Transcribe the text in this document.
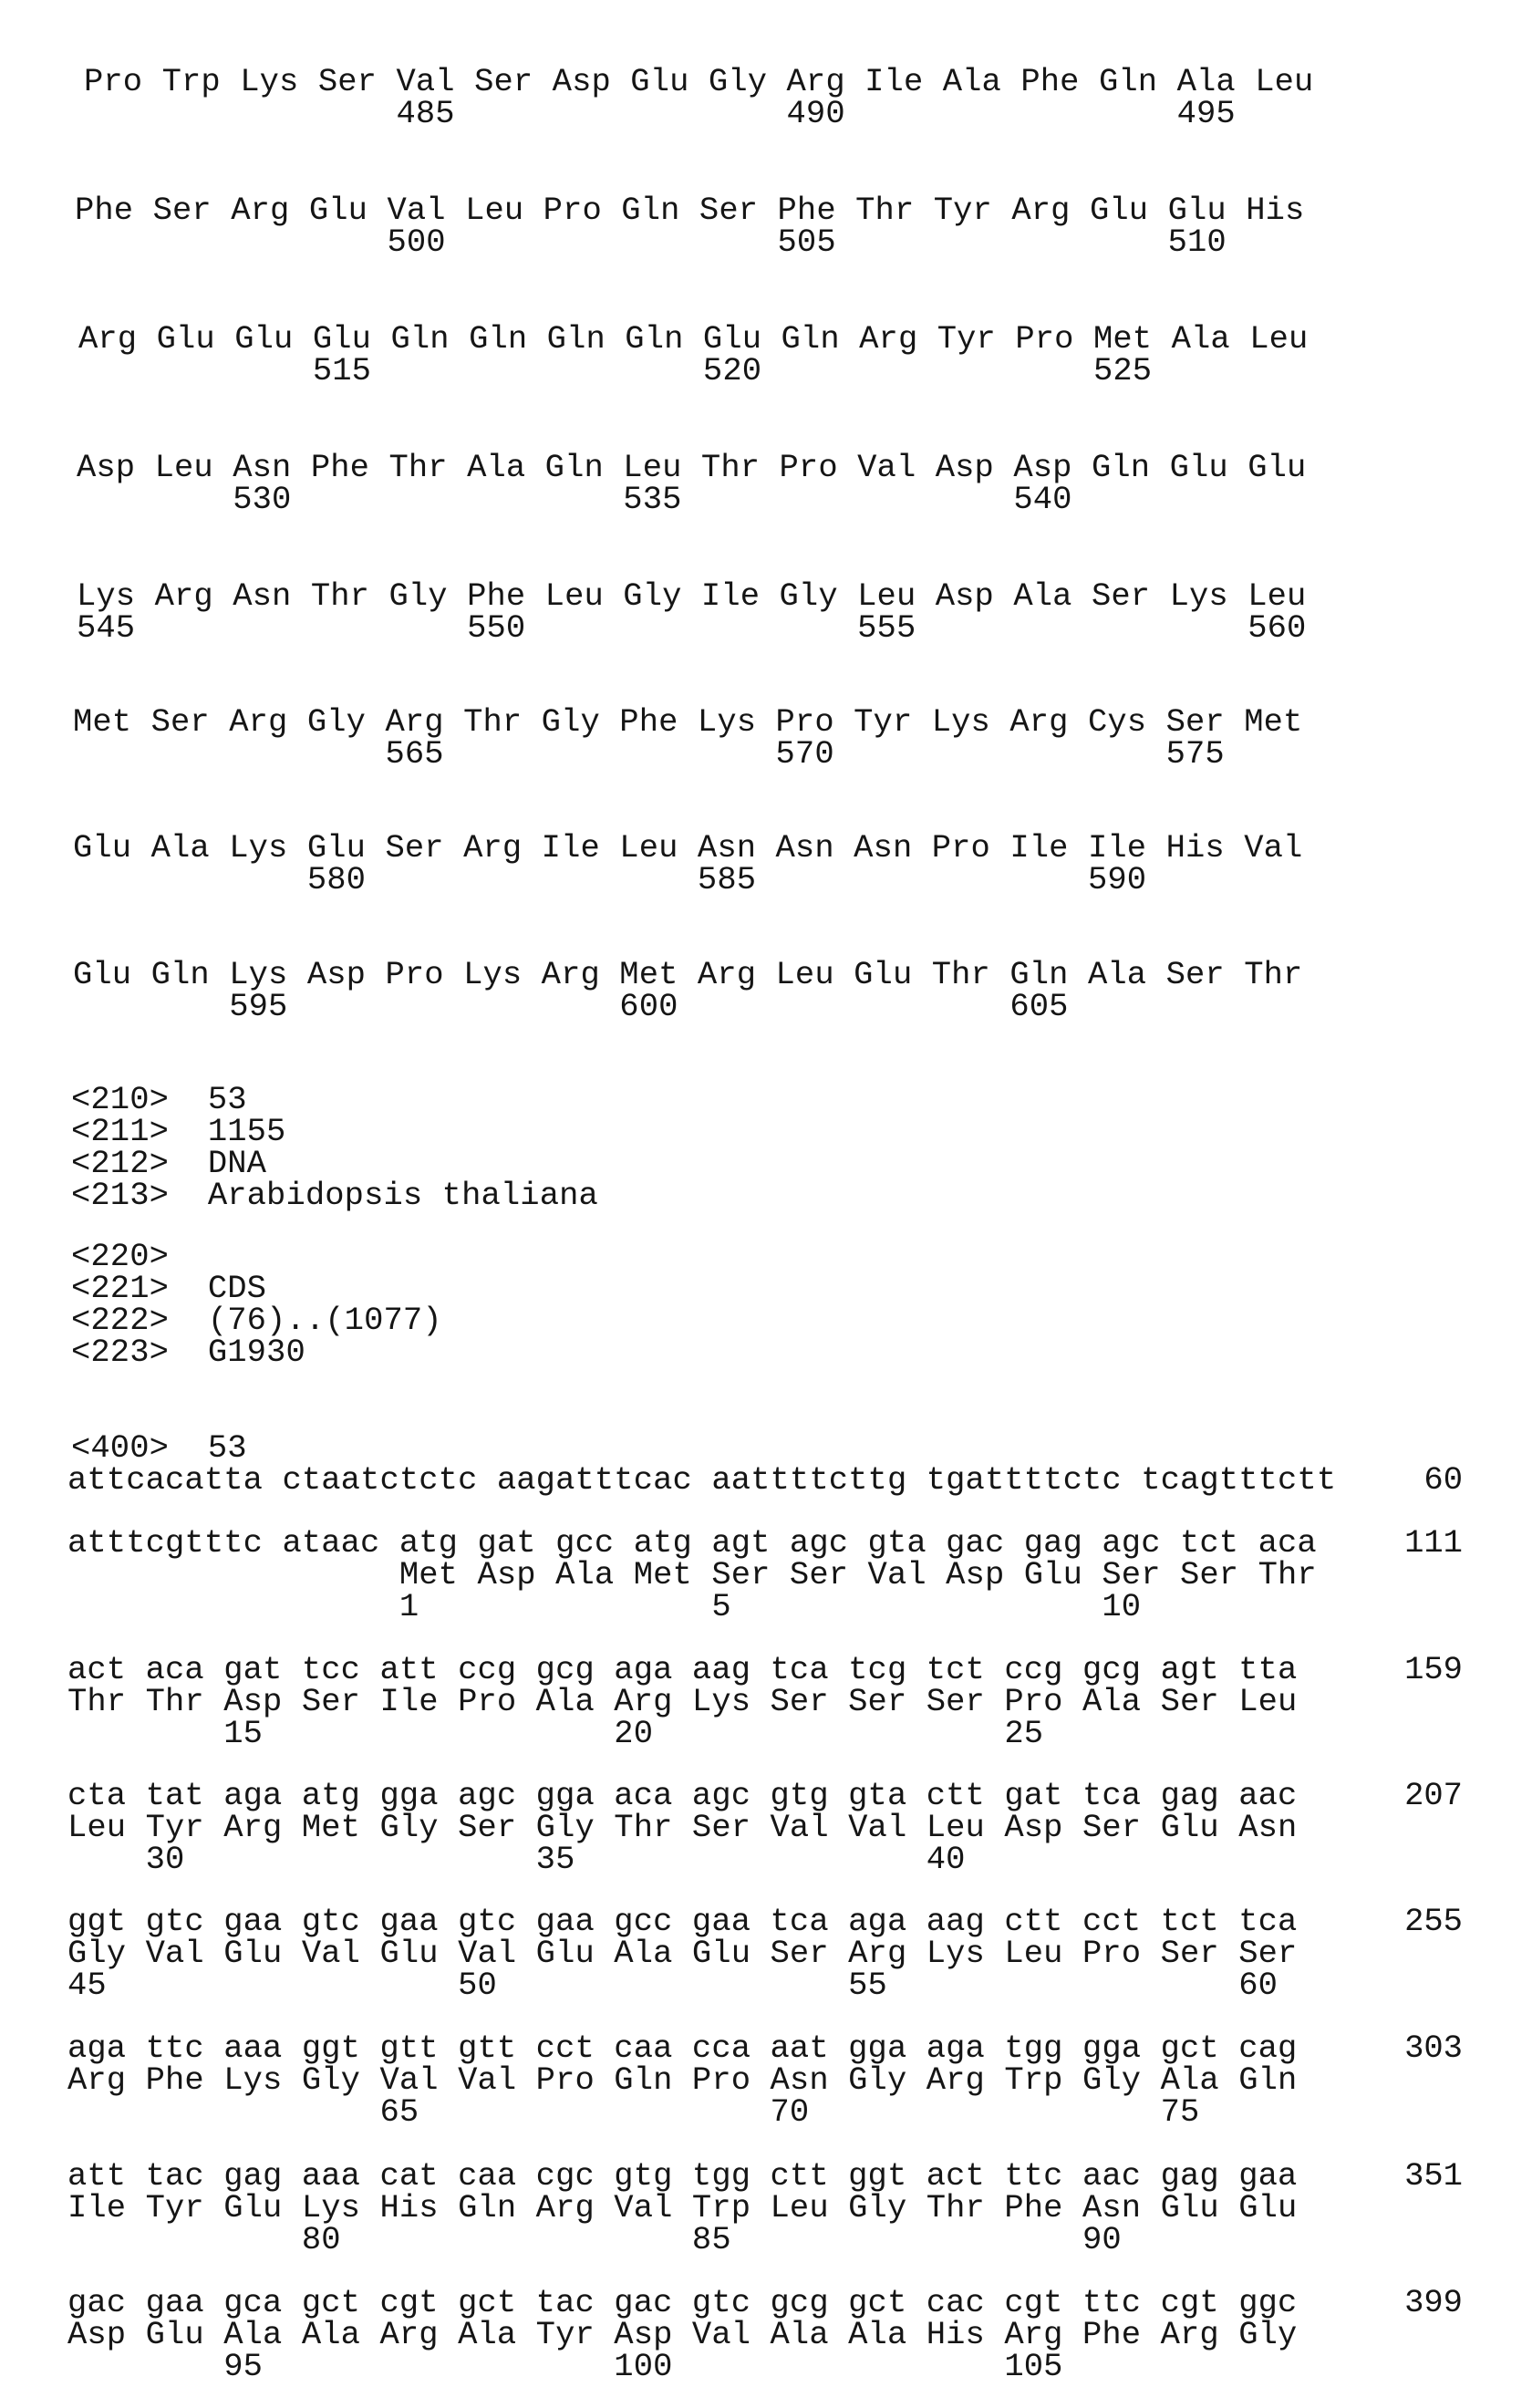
Pro Trp Lys Ser Val Ser Asp Glu Gly Arg Ile Ala Phe Gln Ala Leu
485                 490                 495
Phe Ser Arg Glu Val Leu Pro Gln Ser Phe Thr Tyr Arg Glu Glu His
500                 505                 510
Arg Glu Glu Glu Gln Gln Gln Gln Glu Gln Arg Tyr Pro Met Ala Leu
515                 520                 525
Asp Leu Asn Phe Thr Ala Gln Leu Thr Pro Val Asp Asp Gln Glu Glu
530                 535                 540
Lys Arg Asn Thr Gly Phe Leu Gly Ile Gly Leu Asp Ala Ser Lys Leu
545                 550                 555                 560
Met Ser Arg Gly Arg Thr Gly Phe Lys Pro Tyr Lys Arg Cys Ser Met
565                 570                 575
Glu Ala Lys Glu Ser Arg Ile Leu Asn Asn Asn Pro Ile Ile His Val
580                 585                 590
Glu Gln Lys Asp Pro Lys Arg Met Arg Leu Glu Thr Gln Ala Ser Thr
595                 600                 605
<210> 53
<211> 1155
<212> DNA
<213> Arabidopsis thaliana
<220>
<221> CDS
<222> (76)..(1077)
<223> G1930
<400> 53
attcacatta ctaatctctc aagatttcac aattttcttg tgattttctc tcagtttctt	60
atttcgtttc ataac atg gat gcc atg agt agc gta gac gag agc tct aca
Met Asp Ala Met Ser Ser Val Asp Glu Ser Ser Thr
1               5                   10
111
act aca gat tcc att ccg gcg aga aag tca tcg tct ccg gcg agt tta
Thr Thr Asp Ser Ile Pro Ala Arg Lys Ser Ser Ser Pro Ala Ser Leu
15                  20                  25
159
cta tat aga atg gga agc gga aca agc gtg gta ctt gat tca gag aac
Leu Tyr Arg Met Gly Ser Gly Thr Ser Val Val Leu Asp Ser Glu Asn
30                  35                  40
207
ggt gtc gaa gtc gaa gtc gaa gcc gaa tca aga aag ctt cct tct tca
Gly Val Glu Val Glu Val Glu Ala Glu Ser Arg Lys Leu Pro Ser Ser
45                  50                  55                  60
255
aga ttc aaa ggt gtt gtt cct caa cca aat gga aga tgg gga gct cag
Arg Phe Lys Gly Val Val Pro Gln Pro Asn Gly Arg Trp Gly Ala Gln
65                  70                  75
303
att tac gag aaa cat caa cgc gtg tgg ctt ggt act ttc aac gag gaa
Ile Tyr Glu Lys His Gln Arg Val Trp Leu Gly Thr Phe Asn Glu Glu
80                  85                  90
351
gac gaa gca gct cgt gct tac gac gtc gcg gct cac cgt ttc cgt ggc
Asp Glu Ala Ala Arg Ala Tyr Asp Val Ala Ala His Arg Phe Arg Gly
95                  100                 105
399
